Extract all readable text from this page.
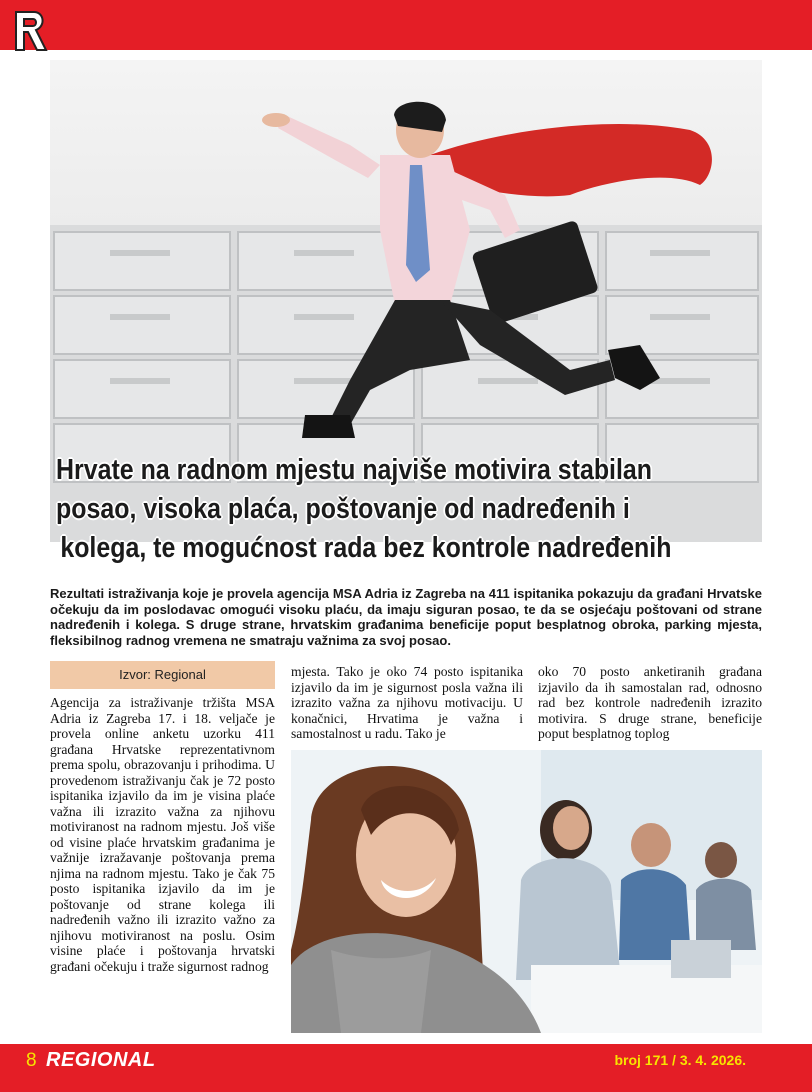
Hrvate na radnom mjestu najviše motivira stabilan
posao, visoka plaća, poštovanje od nadređenih i
kolega, te mogućnost rada bez kontrole nadređenih

Rezultati istraživanja koje je provela agencija MSA Adria iz Zagreba na 411 ispitanika pokazuju da građani Hrvatske očekuju da im poslodavac omogući visoku plaću, da imaju siguran posao, te da se osjećaju poštovani od strane nadređenih i kolega. S druge strane, hrvatskim građanima beneficije poput besplatnog obroka, parking mjesta, fleksibilnog radnog vremena ne smatraju važnima za svoj posao.

Izvor: Regional

Agencija za istraživanje tržišta MSA Adria iz Zagreba 17. i 18. veljače je provela online anketu uzorku 411 građana Hrvatske reprezentativnom prema spolu, obrazovanju i prihodima. U provedenom istraživanju čak je 72 posto ispitanika izjavilo da im je visina plaće važna ili izrazito važna za njihovu motiviranost na radnom mjestu. Još više od visine plaće hrvatskim građanima je važnije izražavanje poštovanja prema njima na radnom mjestu. Tako je čak 75 posto ispitanika izjavilo da im je poštovanje od strane kolega ili nadređenih važno ili izrazito važno za njihovu motiviranost na poslu. Osim visine plaće i poštovanja hrvatski građani očekuju i traže sigurnost radnog

mjesta. Tako je oko 74 posto ispitanika izjavilo da im je sigurnost posla važna ili izrazito važna za njihovu motivaciju. U konačnici, Hrvatima je važna i samostalnost u radu. Tako je

oko 70 posto anketiranih građana izjavilo da ih samostalan rad, odnosno rad bez kontrole nadređenih izrazito motivira. S druge strane, beneficije poput besplatnog toplog

8 REGIONAL	broj 171 / 3. 4. 2026.
